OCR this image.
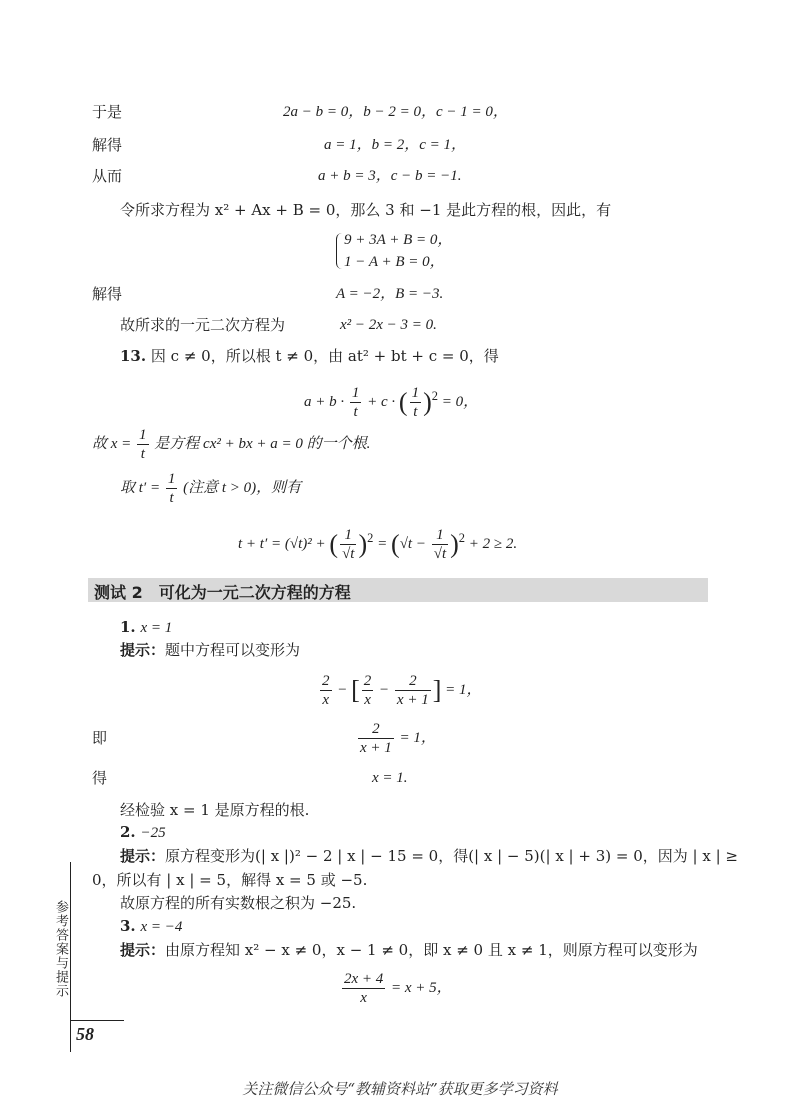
于是	2a − b = 0，b − 2 = 0，c − 1 = 0，
解得	a = 1，b = 2，c = 1，
从而	a + b = 3，c − b = −1.
令所求方程为 x² + Ax + B = 0，那么 3 和 −1 是此方程的根，因此，有
9 + 3A + B = 0，
1 − A + B = 0，
解得	A = −2，B = −3.
故所求的一元二次方程为	x² − 2x − 3 = 0.
13. 因 c ≠ 0，所以根 t ≠ 0，由 at² + bt + c = 0，得
$a + b \cdot \frac{1}{t} + c$ · ( $\frac{1}{t} )^2 = 0$，
故 $x = \frac{1}{t}$ 是方程 cx² + bx + a = 0 的一个根.
取 $t' = \frac{1}{t}$ (注意 t > 0)，则有
t + t′ = (√t)² + ( $\frac{1}{√t} )^2 = (√t - \frac{1}{√t} )^2 + 2 \ge 2$.
测试 2　可化为一元二次方程的方程
1. x = 1
提示：题中方程可以变形为
$\frac{2}{x}$ − [ $\frac{2}{x} - \frac{2}{x + 1}$ ] = 1，
即	$\frac{2}{x + 1} = 1$，
得	x = 1.
经检验 x = 1 是原方程的根.
2. −25
提示：原方程变形为(| x |)² − 2 | x | − 15 = 0，得(| x | − 5)(| x | + 3) = 0，因为 | x | ≥
0，所以有 | x | = 5，解得 x = 5 或 −5.
故原方程的所有实数根之积为 −25.
3. x = −4
提示：由原方程知 x² − x ≠ 0，x − 1 ≠ 0，即 x ≠ 0 且 x ≠ 1，则原方程可以变形为
$\frac{2x + 4}{x} = x + 5$，
参考答案与提示
58
关注微信公众号“教辅资料站”获取更多学习资料
